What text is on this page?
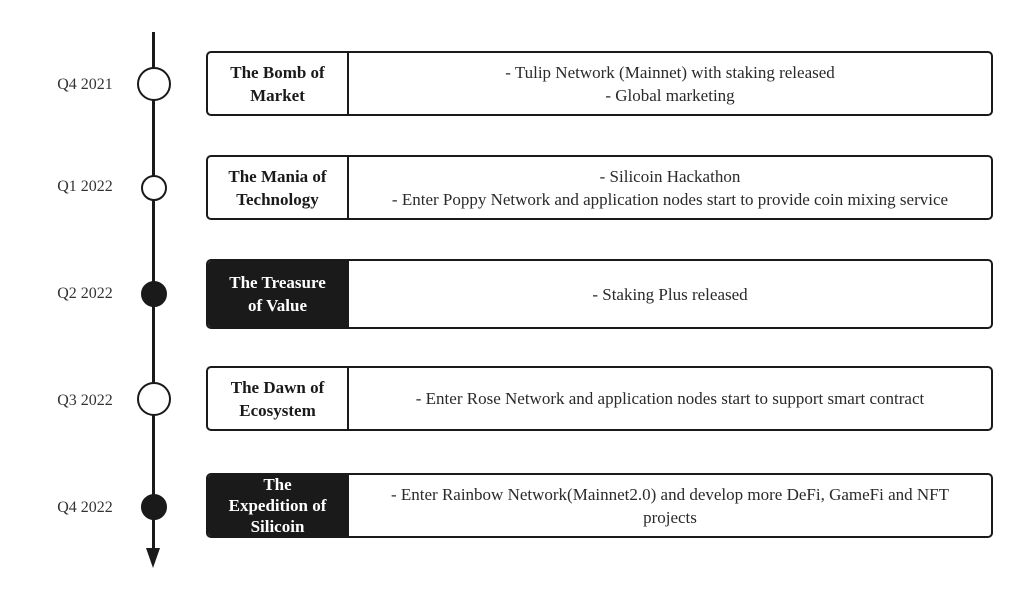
Q4 2021
The Bomb of
Market
- Tulip Network (Mainnet) with staking released
- Global marketing
Q1 2022
The Mania of
Technology
- Silicoin Hackathon
- Enter Poppy Network and application nodes start to provide coin mixing service
Q2 2022
The Treasure
of Value
- Staking Plus released
Q3 2022
The Dawn of
Ecosystem
- Enter Rose Network and application nodes start to support smart contract
Q4 2022
The
Expedition of
Silicoin
- Enter Rainbow Network(Mainnet2.0) and develop more DeFi, GameFi and NFT
projects
